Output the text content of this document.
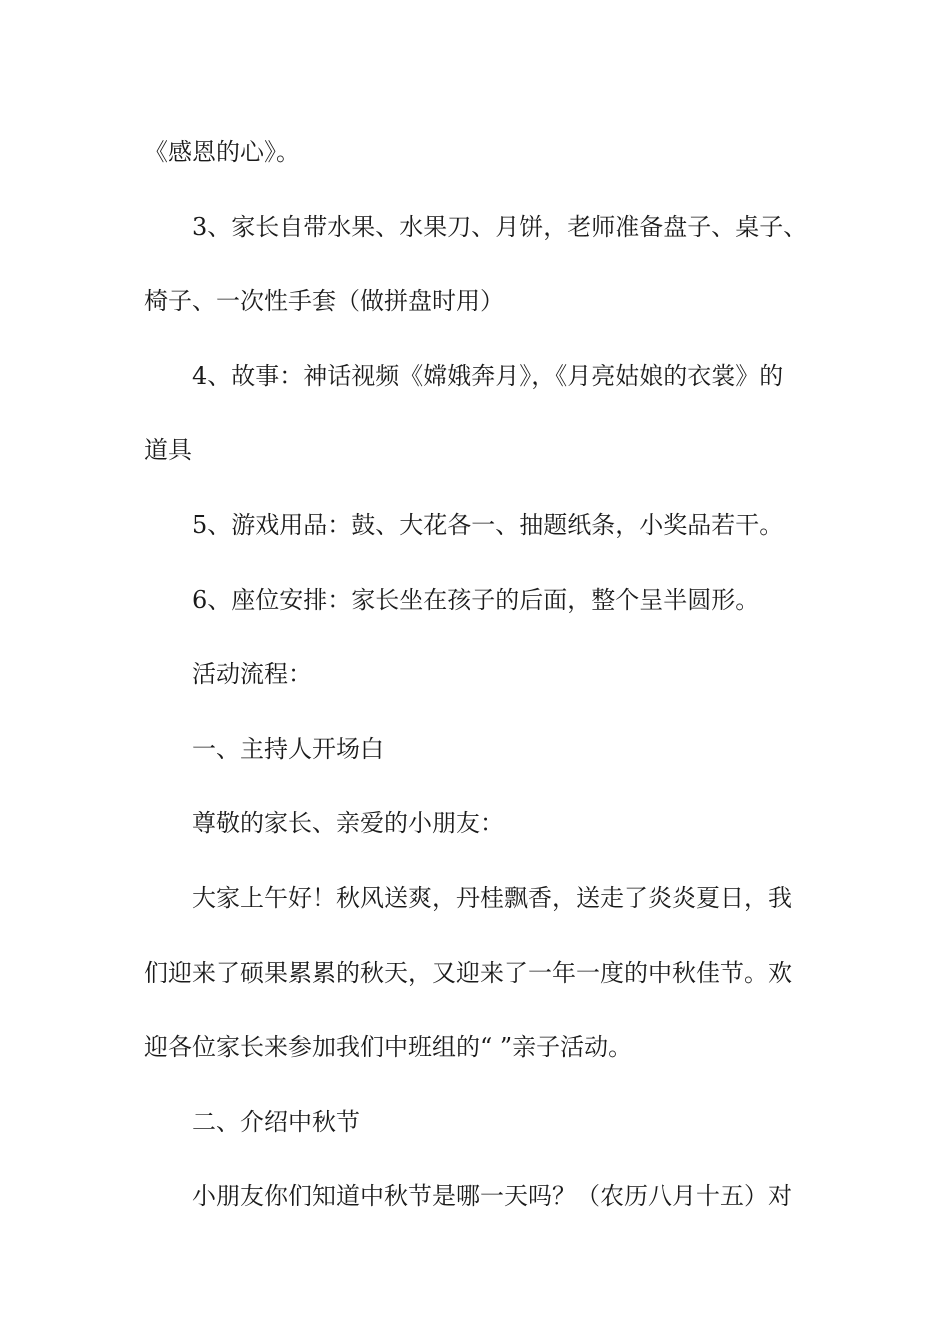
《感恩的心》。
3、家长自带水果、水果刀、月饼，老师准备盘子、桌子、
椅子、一次性手套（做拼盘时用）
4、故事：神话视频《嫦娥奔月》，《月亮姑娘的衣裳》的
道具
5、游戏用品：鼓、大花各一、抽题纸条，小奖品若干。
6、座位安排：家长坐在孩子的后面，整个呈半圆形。
活动流程：
一、主持人开场白
尊敬的家长、亲爱的小朋友：
大家上午好！秋风送爽，丹桂飘香，送走了炎炎夏日，我
们迎来了硕果累累的秋天，又迎来了一年一度的中秋佳节。欢
迎各位家长来参加我们中班组的“ ”亲子活动。
二、介绍中秋节
小朋友你们知道中秋节是哪一天吗？（农历八月十五）对
